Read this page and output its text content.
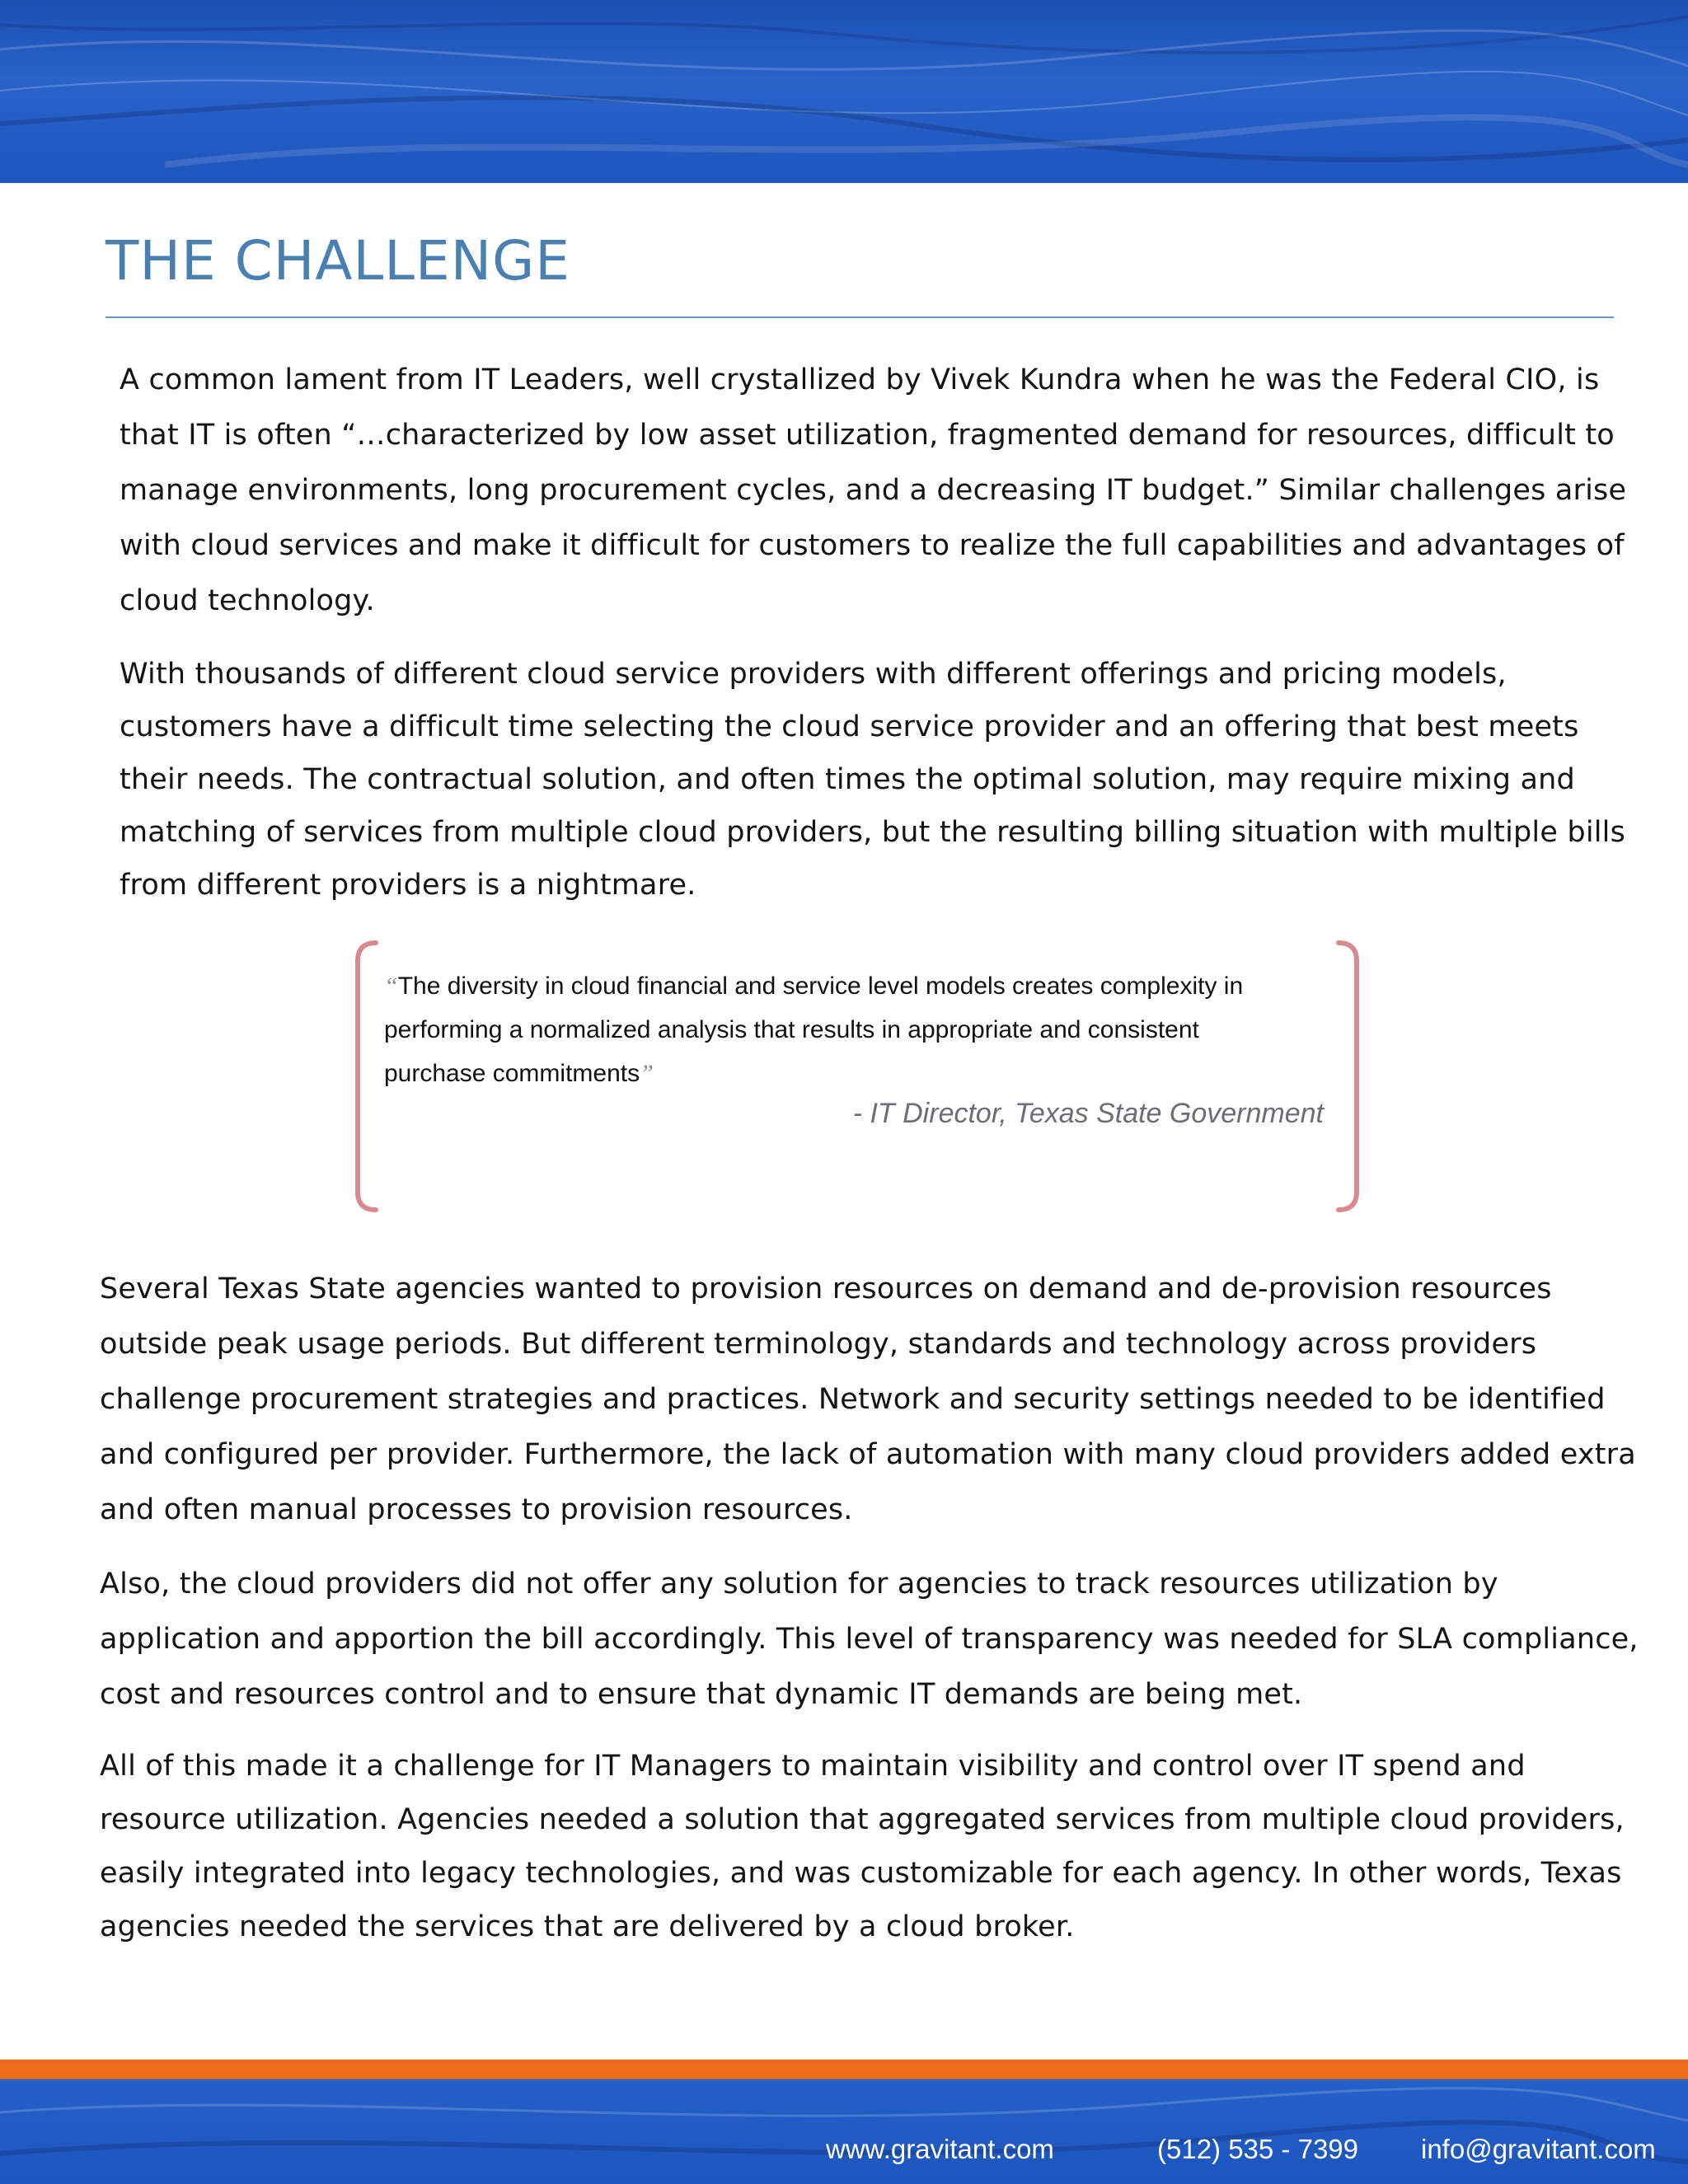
THE CHALLENGE

A common lament from IT Leaders, well crystallized by Vivek Kundra when he was the Federal CIO, is that IT is often “…characterized by low asset utilization, fragmented demand for resources, difficult to manage environments, long procurement cycles, and a decreasing IT budget.” Similar challenges arise with cloud services and make it difficult for customers to realize the full capabilities and advantages of cloud technology.

With thousands of different cloud service providers with different offerings and pricing models, customers have a difficult time selecting the cloud service provider and an offering that best meets their needs. The contractual solution, and often times the optimal solution, may require mixing and matching of services from multiple cloud providers, but the resulting billing situation with multiple bills from different providers is a nightmare.

“The diversity in cloud financial and service level models creates complexity in performing a normalized analysis that results in appropriate and consistent purchase commitments”

- IT Director, Texas State Government

Several Texas State agencies wanted to provision resources on demand and de-provision resources outside peak usage periods. But different terminology, standards and technology across providers challenge procurement strategies and practices. Network and security settings needed to be identified and configured per provider. Furthermore, the lack of automation with many cloud providers added extra and often manual processes to provision resources.

Also, the cloud providers did not offer any solution for agencies to track resources utilization by application and apportion the bill accordingly. This level of transparency was needed for SLA compliance, cost and resources control and to ensure that dynamic IT demands are being met.

All of this made it a challenge for IT Managers to maintain visibility and control over IT spend and resource utilization. Agencies needed a solution that aggregated services from multiple cloud providers, easily integrated into legacy technologies, and was customizable for each agency. In other words, Texas agencies needed the services that are delivered by a cloud broker.

www.gravitant.com	(512) 535 - 7399 info@gravitant.com
